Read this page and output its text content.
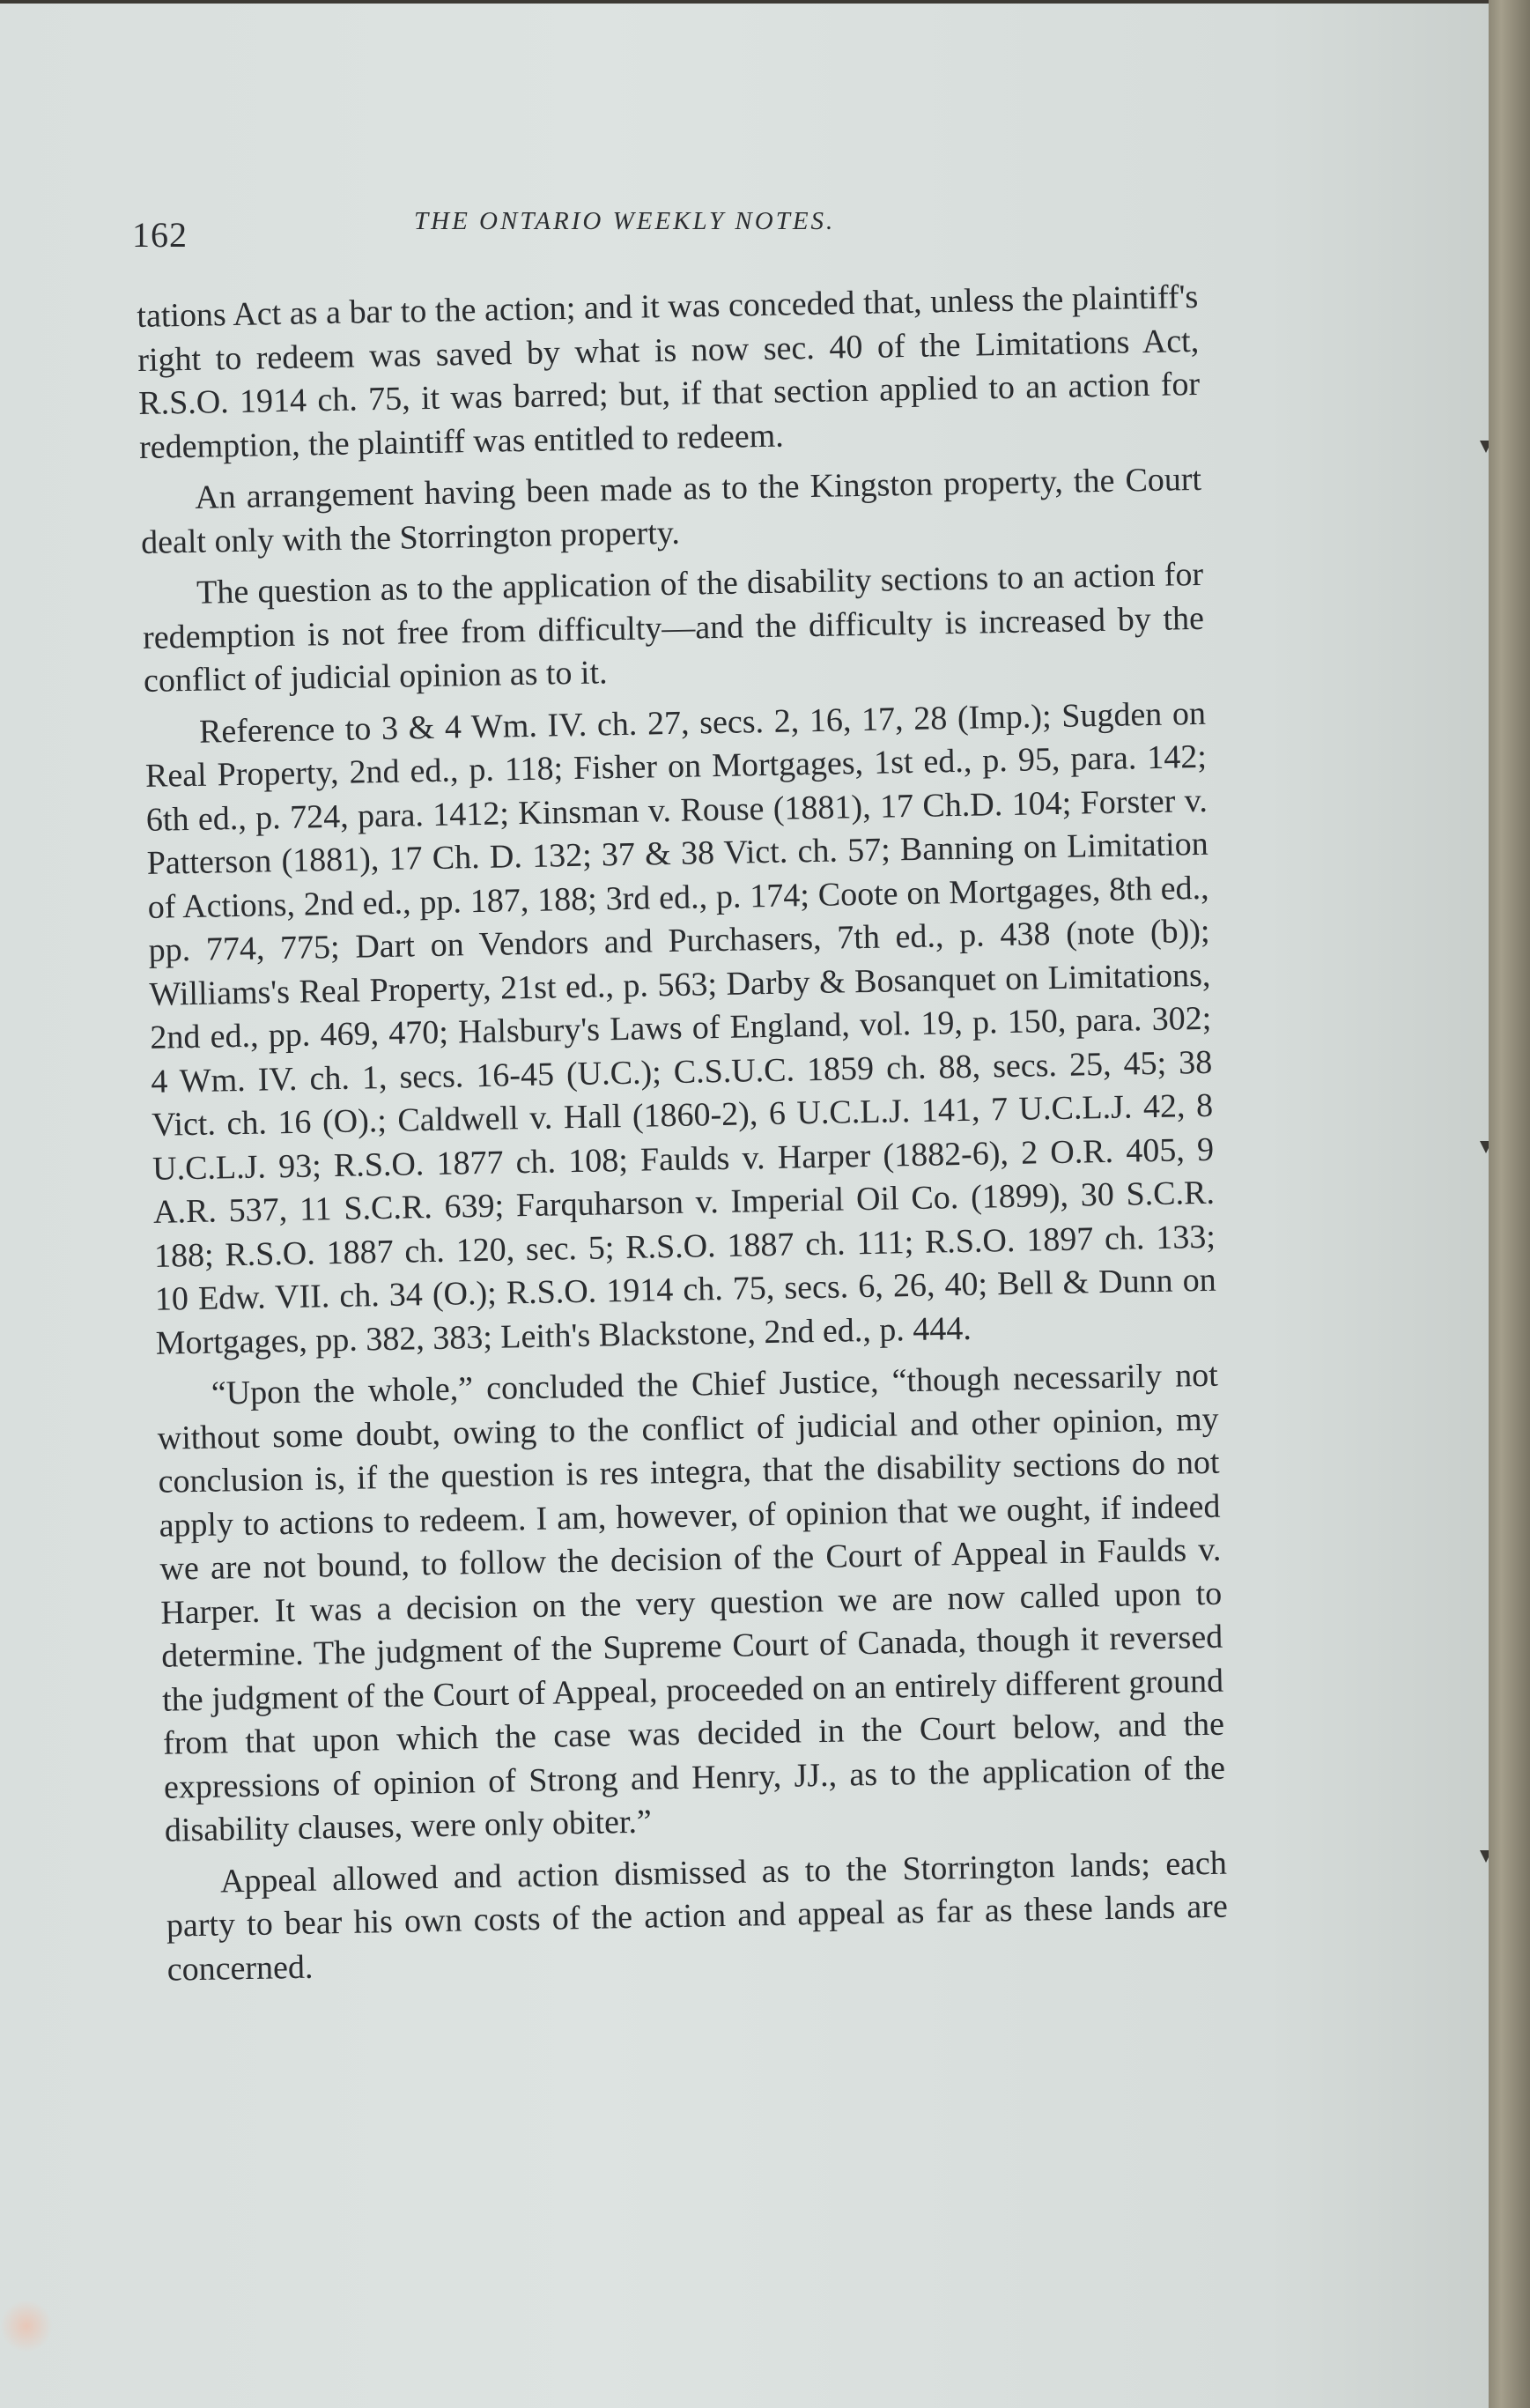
162	THE ONTARIO WEEKLY NOTES.

tations Act as a bar to the action; and it was conceded that, unless the plaintiff's right to redeem was saved by what is now sec. 40 of the Limitations Act, R.S.O. 1914 ch. 75, it was barred; but, if that section applied to an action for redemption, the plaintiff was entitled to redeem.

An arrangement having been made as to the Kingston property, the Court dealt only with the Storrington property.

The question as to the application of the disability sections to an action for redemption is not free from difficulty—and the difficulty is increased by the conflict of judicial opinion as to it.

Reference to 3 & 4 Wm. IV. ch. 27, secs. 2, 16, 17, 28 (Imp.); Sugden on Real Property, 2nd ed., p. 118; Fisher on Mortgages, 1st ed., p. 95, para. 142; 6th ed., p. 724, para. 1412; Kinsman v. Rouse (1881), 17 Ch.D. 104; Forster v. Patterson (1881), 17 Ch. D. 132; 37 & 38 Vict. ch. 57; Banning on Limitation of Actions, 2nd ed., pp. 187, 188; 3rd ed., p. 174; Coote on Mortgages, 8th ed., pp. 774, 775; Dart on Vendors and Purchasers, 7th ed., p. 438 (note (b)); Williams's Real Property, 21st ed., p. 563; Darby & Bosanquet on Limitations, 2nd ed., pp. 469, 470; Halsbury's Laws of England, vol. 19, p. 150, para. 302; 4 Wm. IV. ch. 1, secs. 16-45 (U.C.); C.S.U.C. 1859 ch. 88, secs. 25, 45; 38 Vict. ch. 16 (O).; Caldwell v. Hall (1860-2), 6 U.C.L.J. 141, 7 U.C.L.J. 42, 8 U.C.L.J. 93; R.S.O. 1877 ch. 108; Faulds v. Harper (1882-6), 2 O.R. 405, 9 A.R. 537, 11 S.C.R. 639; Farquharson v. Imperial Oil Co. (1899), 30 S.C.R. 188; R.S.O. 1887 ch. 120, sec. 5; R.S.O. 1887 ch. 111; R.S.O. 1897 ch. 133; 10 Edw. VII. ch. 34 (O.); R.S.O. 1914 ch. 75, secs. 6, 26, 40; Bell & Dunn on Mortgages, pp. 382, 383; Leith's Blackstone, 2nd ed., p. 444.

“Upon the whole,” concluded the Chief Justice, “though necessarily not without some doubt, owing to the conflict of judicial and other opinion, my conclusion is, if the question is res integra, that the disability sections do not apply to actions to redeem. I am, however, of opinion that we ought, if indeed we are not bound, to follow the decision of the Court of Appeal in Faulds v. Harper. It was a decision on the very question we are now called upon to determine. The judgment of the Supreme Court of Canada, though it reversed the judgment of the Court of Appeal, proceeded on an entirely different ground from that upon which the case was decided in the Court below, and the expressions of opinion of Strong and Henry, JJ., as to the application of the disability clauses, were only obiter.”

Appeal allowed and action dismissed as to the Storrington lands; each party to bear his own costs of the action and appeal as far as these lands are concerned.
